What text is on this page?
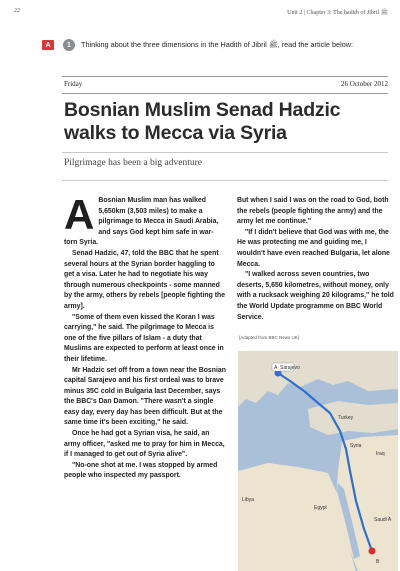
22	Unit 2 | Chapter 3: The ḥadith of Jibril ﷺ
A	1	Thinking about the three dimensions in the Ḥadith of Jibril ﷺ, read the article below:
Friday	26 October 2012
Bosnian Muslim Senad Hadzic walks to Mecca via Syria
Pilgrimage has been a big adventure

A Bosnian Muslim man has walked 5,650km (3,503 miles) to make a pilgrimage to Mecca in Saudi Arabia, and says God kept him safe in war-torn Syria.

Senad Hadzic, 47, told the BBC that he spent several hours at the Syrian border haggling to get a visa. Later he had to negotiate his way through numerous checkpoints - some manned by the army, others by rebels [people fighting the army].

"Some of them even kissed the Koran I was carrying," he said. The pilgrimage to Mecca is one of the five pillars of Islam - a duty that Muslims are expected to perform at least once in their lifetime.

Mr Hadzic set off from a town near the Bosnian capital Sarajevo and his first ordeal was to brave minus 35C cold in Bulgaria last December, says the BBC's Dan Damon. "There wasn't a single easy day, every day has been difficult. But at the same time it's been exciting," he said.

Once he had got a Syrian visa, he said, an army officer, "asked me to pray for him in Mecca, if I managed to get out of Syria alive".

"No-one shot at me. I was stopped by armed people who inspected my passport.

But when I said I was on the road to God, both the rebels (people fighting the army) and the army let me continue."

"If I didn't believe that God was with me, the He was protecting me and guiding me, I wouldn't have even reached Bulgaria, let alone Mecca.

"I walked across seven countries, two deserts, 5,650 kilometres, without money, only with a rucksack weighing 20 kilograms," he told the World Update programme on BBC World Service.

[Adapted from BBC News UK]
A Sarajevo
Turkey
Syria
Iraq
Egypt
Libya
Saudi A
B
